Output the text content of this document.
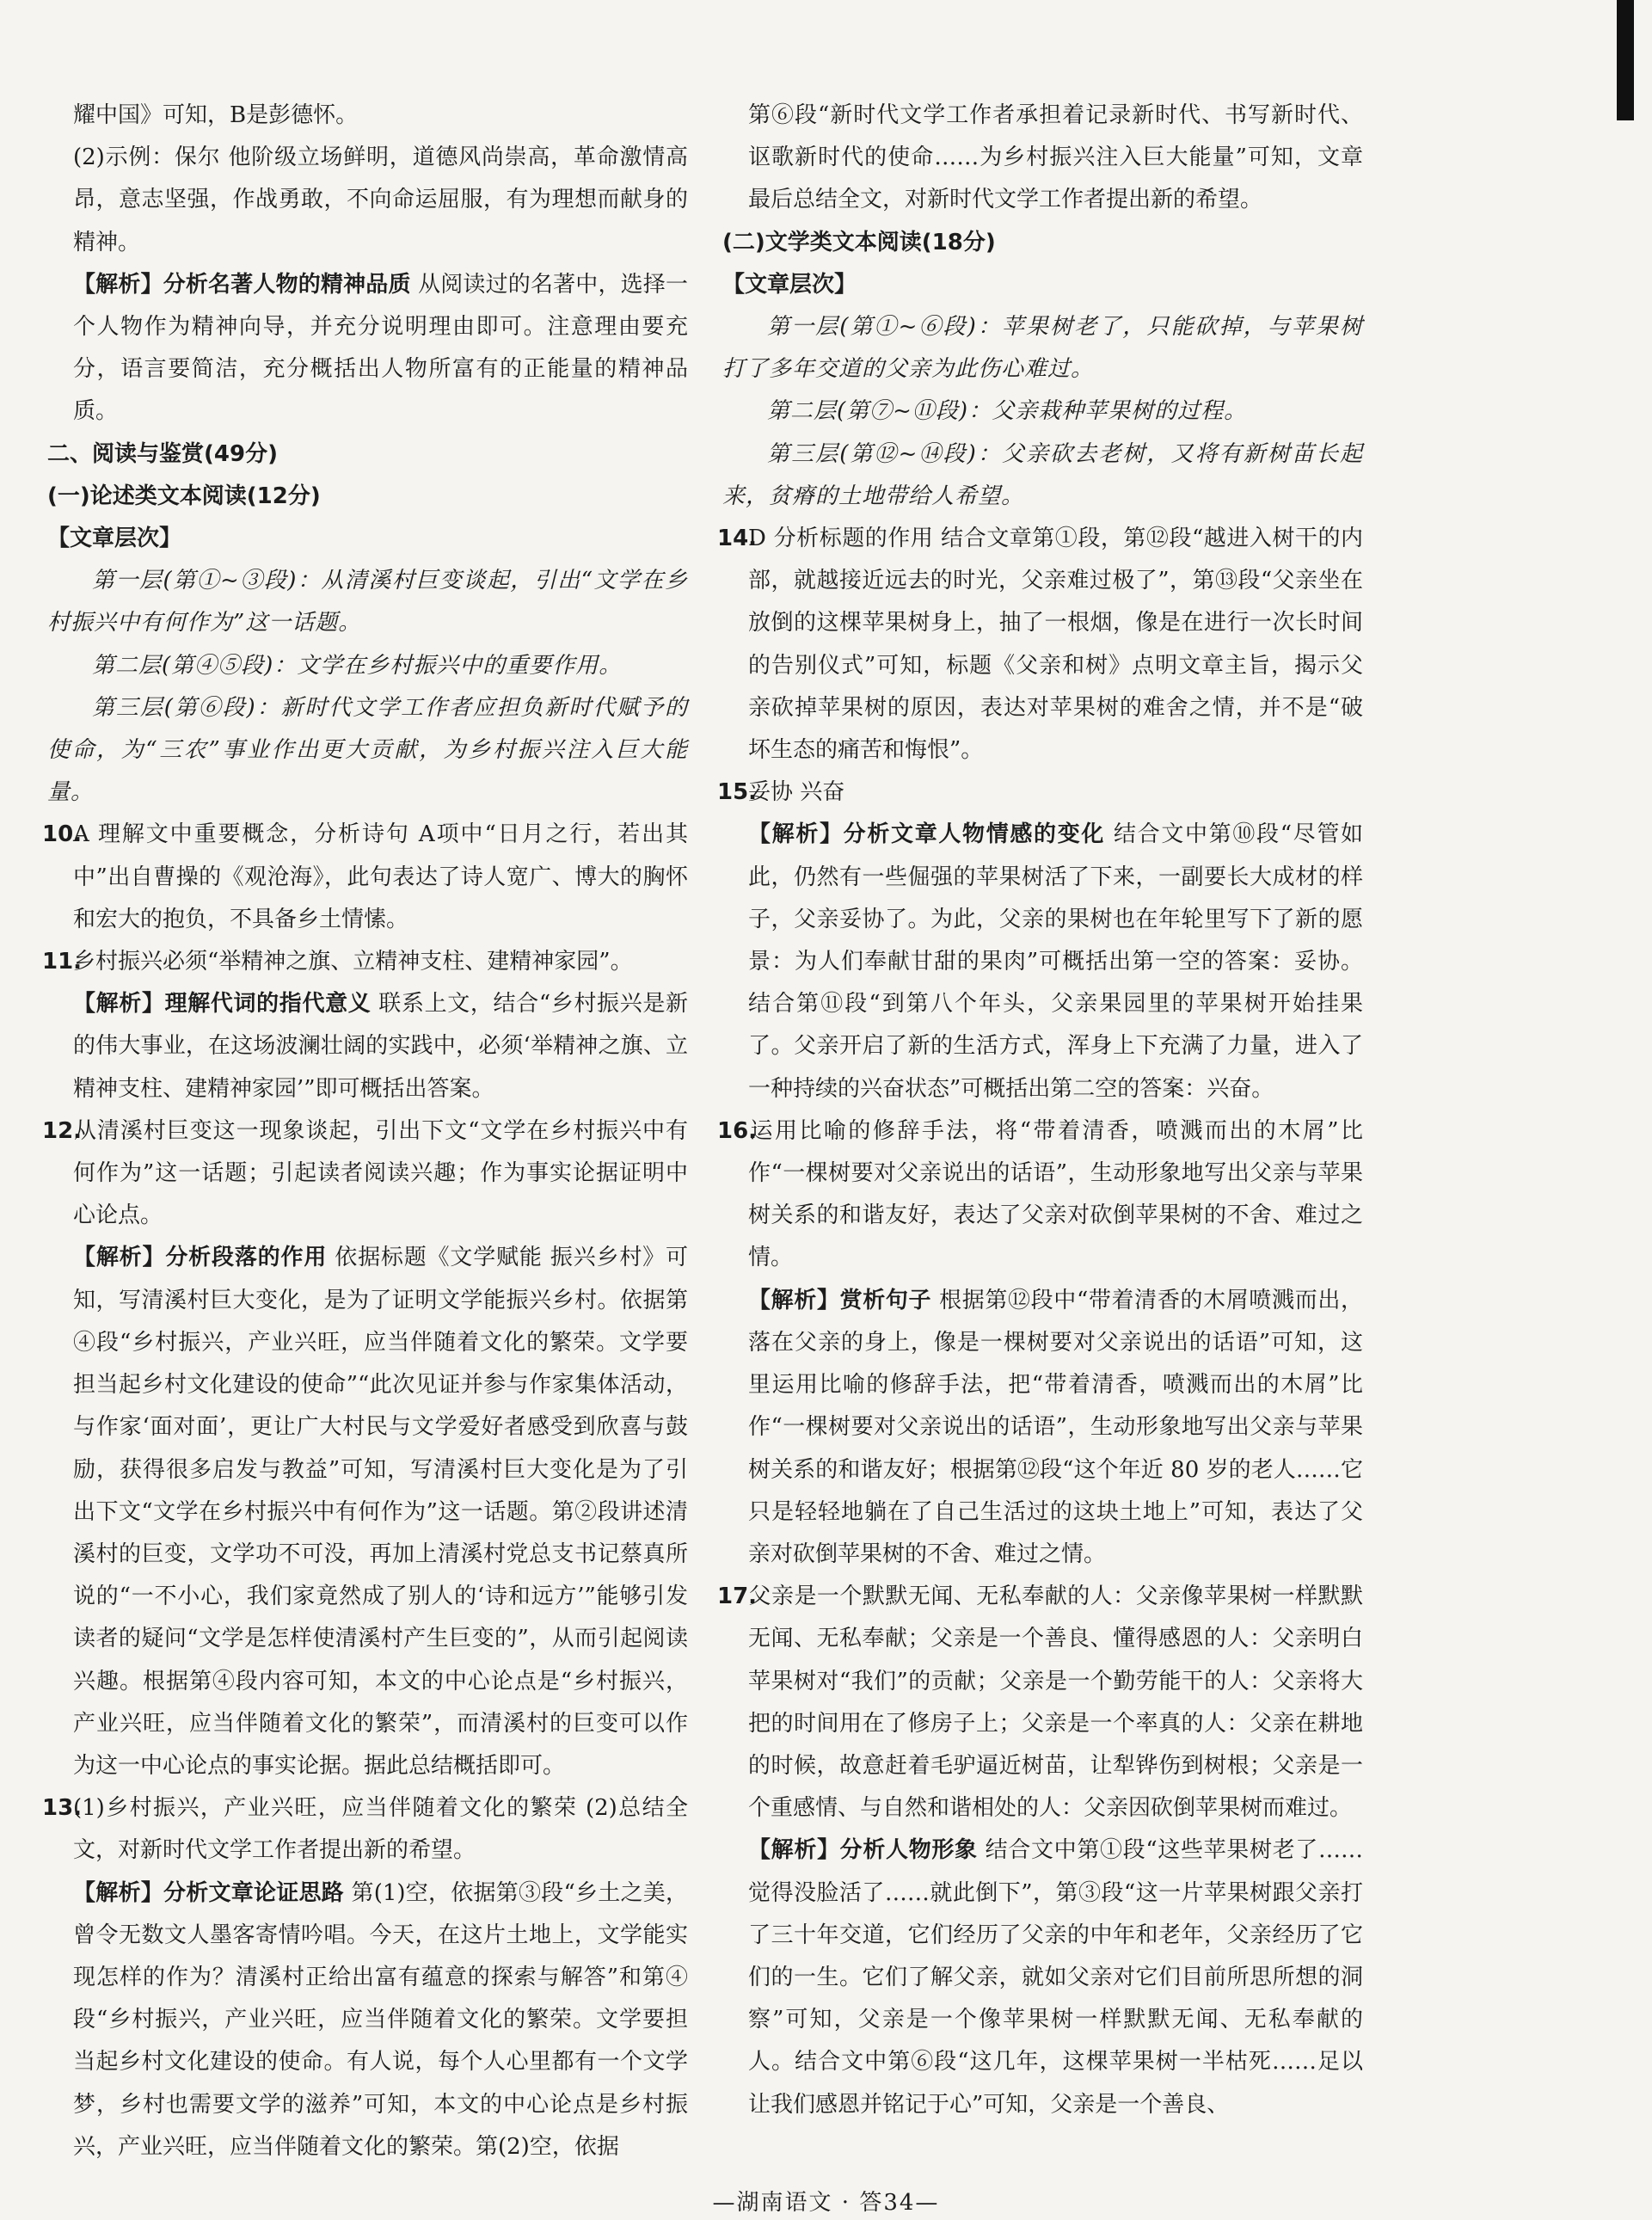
耀中国》可知，B是彭德怀。

(2)示例：保尔 他阶级立场鲜明，道德风尚崇高，革命激情高昂，意志坚强，作战勇敢，不向命运屈服，有为理想而献身的精神。

【解析】分析名著人物的精神品质 从阅读过的名著中，选择一个人物作为精神向导，并充分说明理由即可。注意理由要充分，语言要简洁，充分概括出人物所富有的正能量的精神品质。

二、阅读与鉴赏(49分)

(一)论述类文本阅读(12分)

【文章层次】

第一层(第①~③段)：从清溪村巨变谈起，引出“文学在乡村振兴中有何作为”这一话题。

第二层(第④⑤段)：文学在乡村振兴中的重要作用。

第三层(第⑥段)：新时代文学工作者应担负新时代赋予的使命，为“三农”事业作出更大贡献，为乡村振兴注入巨大能量。

10.A 理解文中重要概念，分析诗句 A项中“日月之行，若出其中”出自曹操的《观沧海》，此句表达了诗人宽广、博大的胸怀和宏大的抱负，不具备乡土情愫。

11.乡村振兴必须“举精神之旗、立精神支柱、建精神家园”。

【解析】理解代词的指代意义 联系上文，结合“乡村振兴是新的伟大事业，在这场波澜壮阔的实践中，必须‘举精神之旗、立精神支柱、建精神家园’”即可概括出答案。

12.从清溪村巨变这一现象谈起，引出下文“文学在乡村振兴中有何作为”这一话题；引起读者阅读兴趣；作为事实论据证明中心论点。

【解析】分析段落的作用 依据标题《文学赋能 振兴乡村》可知，写清溪村巨大变化，是为了证明文学能振兴乡村。依据第④段“乡村振兴，产业兴旺，应当伴随着文化的繁荣。文学要担当起乡村文化建设的使命”“此次见证并参与作家集体活动，与作家‘面对面’，更让广大村民与文学爱好者感受到欣喜与鼓励，获得很多启发与教益”可知，写清溪村巨大变化是为了引出下文“文学在乡村振兴中有何作为”这一话题。第②段讲述清溪村的巨变，文学功不可没，再加上清溪村党总支书记蔡真所说的“一不小心，我们家竟然成了别人的‘诗和远方’”能够引发读者的疑问“文学是怎样使清溪村产生巨变的”，从而引起阅读兴趣。根据第④段内容可知，本文的中心论点是“乡村振兴，产业兴旺，应当伴随着文化的繁荣”，而清溪村的巨变可以作为这一中心论点的事实论据。据此总结概括即可。

13.(1)乡村振兴，产业兴旺，应当伴随着文化的繁荣 (2)总结全文，对新时代文学工作者提出新的希望。

【解析】分析文章论证思路 第(1)空，依据第③段“乡土之美，曾令无数文人墨客寄情吟唱。今天，在这片土地上，文学能实现怎样的作为？清溪村正给出富有蕴意的探索与解答”和第④段“乡村振兴，产业兴旺，应当伴随着文化的繁荣。文学要担当起乡村文化建设的使命。有人说，每个人心里都有一个文学梦，乡村也需要文学的滋养”可知，本文的中心论点是乡村振兴，产业兴旺，应当伴随着文化的繁荣。第(2)空，依据

第⑥段“新时代文学工作者承担着记录新时代、书写新时代、讴歌新时代的使命……为乡村振兴注入巨大能量”可知，文章最后总结全文，对新时代文学工作者提出新的希望。

(二)文学类文本阅读(18分)

【文章层次】

第一层(第①~⑥段)：苹果树老了，只能砍掉，与苹果树打了多年交道的父亲为此伤心难过。

第二层(第⑦~⑪段)：父亲栽种苹果树的过程。

第三层(第⑫~⑭段)：父亲砍去老树，又将有新树苗长起来，贫瘠的土地带给人希望。

14.D 分析标题的作用 结合文章第①段，第⑫段“越进入树干的内部，就越接近远去的时光，父亲难过极了”，第⑬段“父亲坐在放倒的这棵苹果树身上，抽了一根烟，像是在进行一次长时间的告别仪式”可知，标题《父亲和树》点明文章主旨，揭示父亲砍掉苹果树的原因，表达对苹果树的难舍之情，并不是“破坏生态的痛苦和悔恨”。

15.妥协 兴奋

【解析】分析文章人物情感的变化 结合文中第⑩段“尽管如此，仍然有一些倔强的苹果树活了下来，一副要长大成材的样子，父亲妥协了。为此，父亲的果树也在年轮里写下了新的愿景：为人们奉献甘甜的果肉”可概括出第一空的答案：妥协。结合第⑪段“到第八个年头，父亲果园里的苹果树开始挂果了。父亲开启了新的生活方式，浑身上下充满了力量，进入了一种持续的兴奋状态”可概括出第二空的答案：兴奋。

16.运用比喻的修辞手法，将“带着清香，喷溅而出的木屑”比作“一棵树要对父亲说出的话语”，生动形象地写出父亲与苹果树关系的和谐友好，表达了父亲对砍倒苹果树的不舍、难过之情。

【解析】赏析句子 根据第⑫段中“带着清香的木屑喷溅而出，落在父亲的身上，像是一棵树要对父亲说出的话语”可知，这里运用比喻的修辞手法，把“带着清香，喷溅而出的木屑”比作“一棵树要对父亲说出的话语”，生动形象地写出父亲与苹果树关系的和谐友好；根据第⑫段“这个年近 80 岁的老人……它只是轻轻地躺在了自己生活过的这块土地上”可知，表达了父亲对砍倒苹果树的不舍、难过之情。

17.父亲是一个默默无闻、无私奉献的人：父亲像苹果树一样默默无闻、无私奉献；父亲是一个善良、懂得感恩的人：父亲明白苹果树对“我们”的贡献；父亲是一个勤劳能干的人：父亲将大把的时间用在了修房子上；父亲是一个率真的人：父亲在耕地的时候，故意赶着毛驴逼近树苗，让犁铧伤到树根；父亲是一个重感情、与自然和谐相处的人：父亲因砍倒苹果树而难过。

【解析】分析人物形象 结合文中第①段“这些苹果树老了……觉得没脸活了……就此倒下”，第③段“这一片苹果树跟父亲打了三十年交道，它们经历了父亲的中年和老年，父亲经历了它们的一生。它们了解父亲，就如父亲对它们目前所思所想的洞察”可知，父亲是一个像苹果树一样默默无闻、无私奉献的人。结合文中第⑥段“这几年，这棵苹果树一半枯死……足以让我们感恩并铭记于心”可知，父亲是一个善良、

—湖南语文 · 答34—
